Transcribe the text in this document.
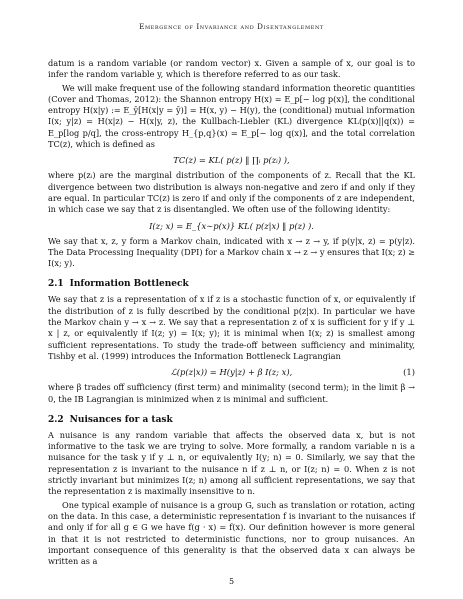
Emergence of Invariance and Disentanglement

datum is a random variable (or random vector) x. Given a sample of x, our goal is to infer the random variable y, which is therefore referred to as our task.

We will make frequent use of the following standard information theoretic quantities (Cover and Thomas, 2012): the Shannon entropy H(x) = E_p[− log p(x)], the conditional entropy H(x|y) := E_ȳ[H(x|y = ȳ)] = H(x, y) − H(y), the (conditional) mutual information I(x; y|z) = H(x|z) − H(x|y, z), the Kullbach-Liebler (KL) divergence KL(p(x)||q(x)) = E_p[log p/q], the cross-entropy H_{p,q}(x) = E_p[− log q(x)], and the total correlation TC(z), which is defined as

TC(z) = KL( p(z) ‖ ∏ᵢ p(zᵢ) ),

where p(zᵢ) are the marginal distribution of the components of z. Recall that the KL divergence between two distribution is always non-negative and zero if and only if they are equal. In particular TC(z) is zero if and only if the components of z are independent, in which case we say that z is disentangled. We often use of the following identity:

I(z; x) = E_{x∼p(x)} KL( p(z|x) ‖ p(z) ).

We say that x, z, y form a Markov chain, indicated with x → z → y, if p(y|x, z) = p(y|z). The Data Processing Inequality (DPI) for a Markov chain x → z → y ensures that I(x; z) ≥ I(x; y).

2.1 Information Bottleneck

We say that z is a representation of x if z is a stochastic function of x, or equivalently if the distribution of z is fully described by the conditional p(z|x). In particular we have the Markov chain y → x → z. We say that a representation z of x is sufficient for y if y ⊥ x | z, or equivalently if I(z; y) = I(x; y); it is minimal when I(x; z) is smallest among sufficient representations. To study the trade-off between sufficiency and minimality, Tishby et al. (1999) introduces the Information Bottleneck Lagrangian

ℒ(p(z|x)) = H(y|z) + β I(z; x),	(1)

where β trades off sufficiency (first term) and minimality (second term); in the limit β → 0, the IB Lagrangian is minimized when z is minimal and sufficient.

2.2 Nuisances for a task

A nuisance is any random variable that affects the observed data x, but is not informative to the task we are trying to solve. More formally, a random variable n is a nuisance for the task y if y ⊥ n, or equivalently I(y; n) = 0. Similarly, we say that the representation z is invariant to the nuisance n if z ⊥ n, or I(z; n) = 0. When z is not strictly invariant but minimizes I(z; n) among all sufficient representations, we say that the representation z is maximally insensitive to n.

One typical example of nuisance is a group G, such as translation or rotation, acting on the data. In this case, a deterministic representation f is invariant to the nuisances if and only if for all g ∈ G we have f(g · x) = f(x). Our definition however is more general in that it is not restricted to deterministic functions, nor to group nuisances. An important consequence of this generality is that the observed data x can always be written as a

5
